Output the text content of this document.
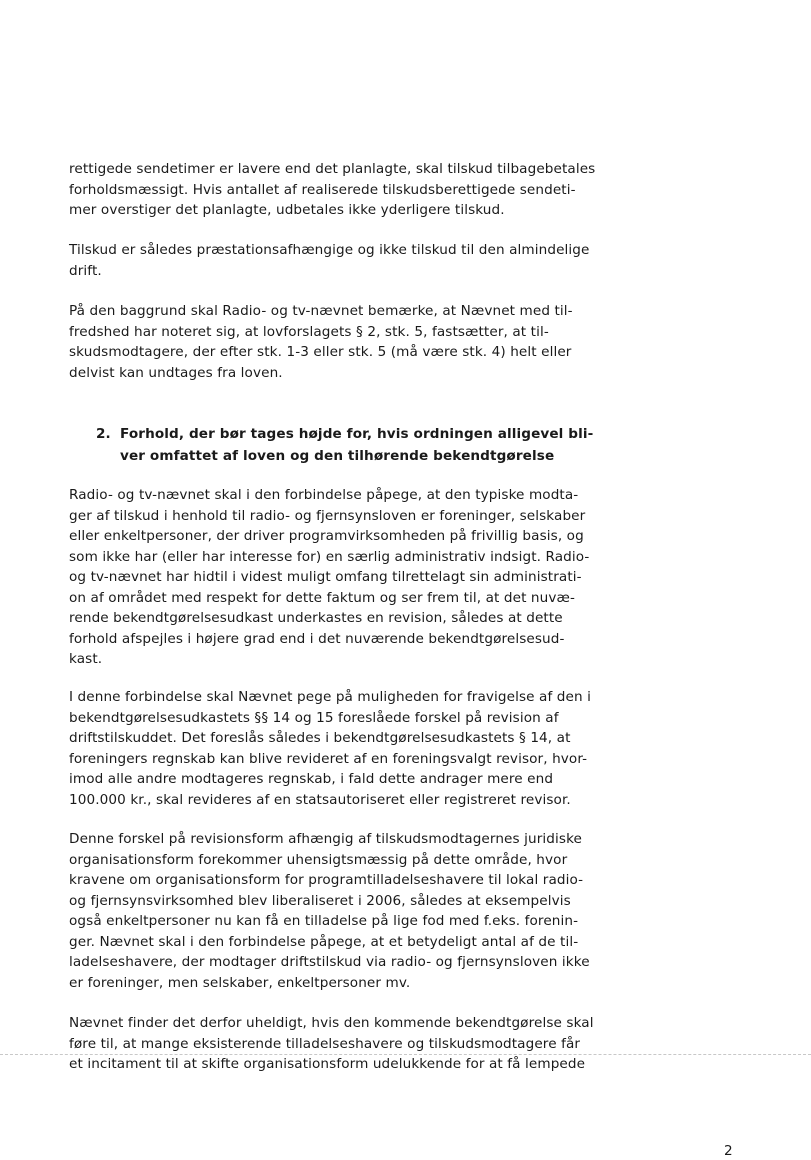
rettigede sendetimer er lavere end det planlagte, skal tilskud tilbagebetales
forholdsmæssigt. Hvis antallet af realiserede tilskudsberettigede sendeti-
mer overstiger det planlagte, udbetales ikke yderligere tilskud.

Tilskud er således præstationsafhængige og ikke tilskud til den almindelige
drift.

På den baggrund skal Radio- og tv-nævnet bemærke, at Nævnet med til-
fredshed har noteret sig, at lovforslagets § 2, stk. 5, fastsætter, at til-
skudsmodtagere, der efter stk. 1-3 eller stk. 5 (må være stk. 4) helt eller
delvist kan undtages fra loven.

2. Forhold, der bør tages højde for, hvis ordningen alligevel bli-
ver omfattet af loven og den tilhørende bekendtgørelse

Radio- og tv-nævnet skal i den forbindelse påpege, at den typiske modta-
ger af tilskud i henhold til radio- og fjernsynsloven er foreninger, selskaber
eller enkeltpersoner, der driver programvirksomheden på frivillig basis, og
som ikke har (eller har interesse for) en særlig administrativ indsigt. Radio-
og tv-nævnet har hidtil i videst muligt omfang tilrettelagt sin administrati-
on af området med respekt for dette faktum og ser frem til, at det nuvæ-
rende bekendtgørelsesudkast underkastes en revision, således at dette
forhold afspejles i højere grad end i det nuværende bekendtgørelsesud-
kast.

I denne forbindelse skal Nævnet pege på muligheden for fravigelse af den i
bekendtgørelsesudkastets §§ 14 og 15 foreslåede forskel på revision af
driftstilskuddet. Det foreslås således i bekendtgørelsesudkastets § 14, at
foreningers regnskab kan blive revideret af en foreningsvalgt revisor, hvor-
imod alle andre modtageres regnskab, i fald dette andrager mere end
100.000 kr., skal revideres af en statsautoriseret eller registreret revisor.

Denne forskel på revisionsform afhængig af tilskudsmodtagernes juridiske
organisationsform forekommer uhensigtsmæssig på dette område, hvor
kravene om organisationsform for programtilladelseshavere til lokal radio-
og fjernsynsvirksomhed blev liberaliseret i 2006, således at eksempelvis
også enkeltpersoner nu kan få en tilladelse på lige fod med f.eks. forenin-
ger. Nævnet skal i den forbindelse påpege, at et betydeligt antal af de til-
ladelseshavere, der modtager driftstilskud via radio- og fjernsynsloven ikke
er foreninger, men selskaber, enkeltpersoner mv.

Nævnet finder det derfor uheldigt, hvis den kommende bekendtgørelse skal
føre til, at mange eksisterende tilladelseshavere og tilskudsmodtagere får
et incitament til at skifte organisationsform udelukkende for at få lempede

2
